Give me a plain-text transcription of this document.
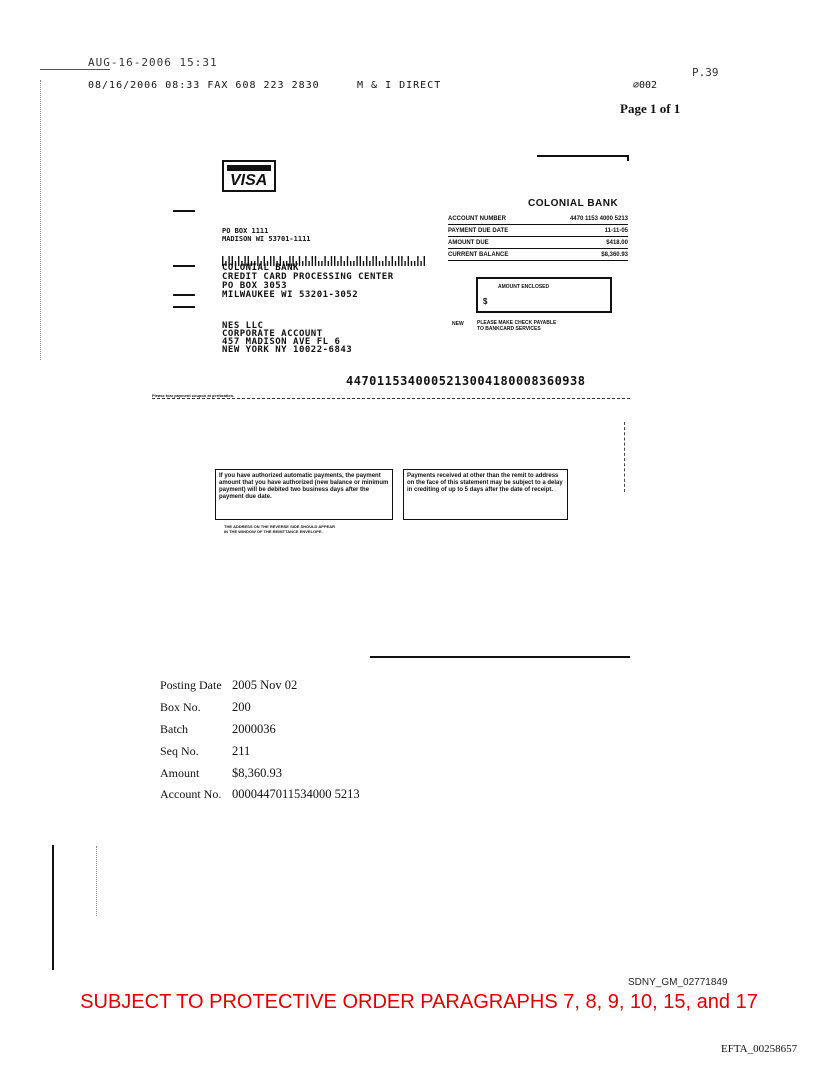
AUG-16-2006 15:31
08/16/2006 08:33 FAX 608 223 2830	M & I DIRECT	∅002
P.39
Page 1 of 1
VISA
COLONIAL BANK
ACCOUNT NUMBER	4470 1153 4000 5213
PAYMENT DUE DATE	11-11-05
AMOUNT DUE	$418.00
CURRENT BALANCE	$8,360.93
AMOUNT ENCLOSED
$
NEW	PLEASE MAKE CHECK PAYABLE
TO BANKCARD SERVICES
PO BOX 1111
MADISON WI 53701-1111
COLONIAL BANK
CREDIT CARD PROCESSING CENTER
PO BOX 3053
MILWAUKEE WI 53201-3052
NES LLC
CORPORATE ACCOUNT
457 MADISON AVE FL 6
NEW YORK NY 10022-6843
4470115340005213004180008360938
Please tear payment coupon at perforation.
If you have authorized automatic payments, the payment amount that you have authorized (new balance or minimum payment) will be debited two business days after the payment due date.
Payments received at other than the remit to address on the face of this statement may be subject to a delay in crediting of up to 5 days after the date of receipt.
THE ADDRESS ON THE REVERSE SIDE SHOULD APPEAR
IN THE WINDOW OF THE REMITTANCE ENVELOPE.
Posting Date 2005 Nov 02
Box No.	200
Batch	2000036
Seq No.	211
Amount	$8,360.93
Account No. 0000447011534000 5213
SDNY_GM_02771849
SUBJECT TO PROTECTIVE ORDER PARAGRAPHS 7, 8, 9, 10, 15, and 17
EFTA_00258657
